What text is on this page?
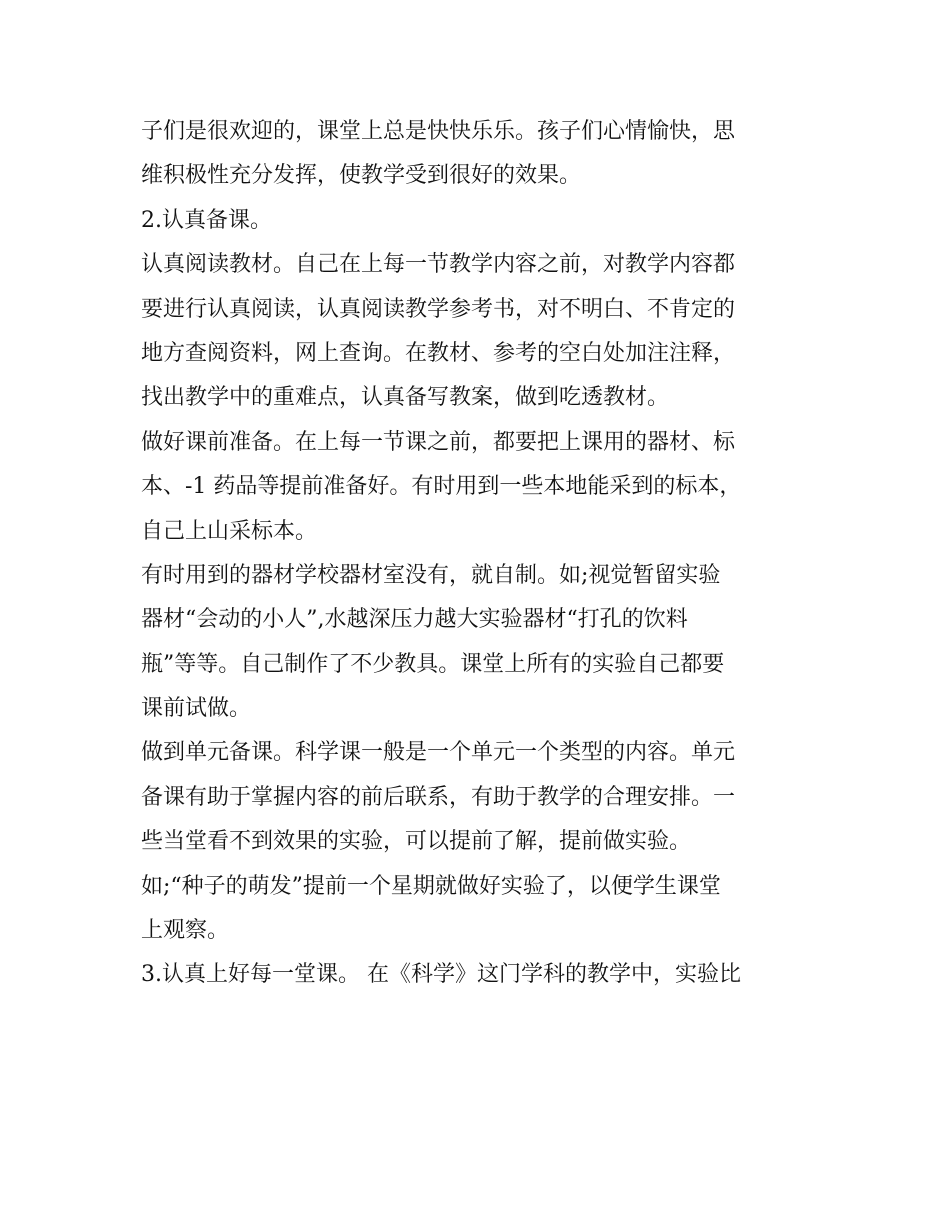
子们是很欢迎的，课堂上总是快快乐乐。孩子们心情愉快，思
维积极性充分发挥，使教学受到很好的效果。
2.认真备课。
认真阅读教材。自己在上每一节教学内容之前，对教学内容都
要进行认真阅读，认真阅读教学参考书，对不明白、不肯定的
地方查阅资料，网上查询。在教材、参考的空白处加注注释，
找出教学中的重难点，认真备写教案，做到吃透教材。
做好课前准备。在上每一节课之前，都要把上课用的器材、标
本、-1 药品等提前准备好。有时用到一些本地能采到的标本，
自己上山采标本。
有时用到的器材学校器材室没有，就自制。如;视觉暂留实验
器材“会动的小人”,水越深压力越大实验器材“打孔的饮料
瓶”等等。自己制作了不少教具。课堂上所有的实验自己都要
课前试做。
做到单元备课。科学课一般是一个单元一个类型的内容。单元
备课有助于掌握内容的前后联系，有助于教学的合理安排。一
些当堂看不到效果的实验，可以提前了解，提前做实验。
如;“种子的萌发”提前一个星期就做好实验了，以便学生课堂
上观察。
3.认真上好每一堂课。 在《科学》这门学科的教学中，实验比
